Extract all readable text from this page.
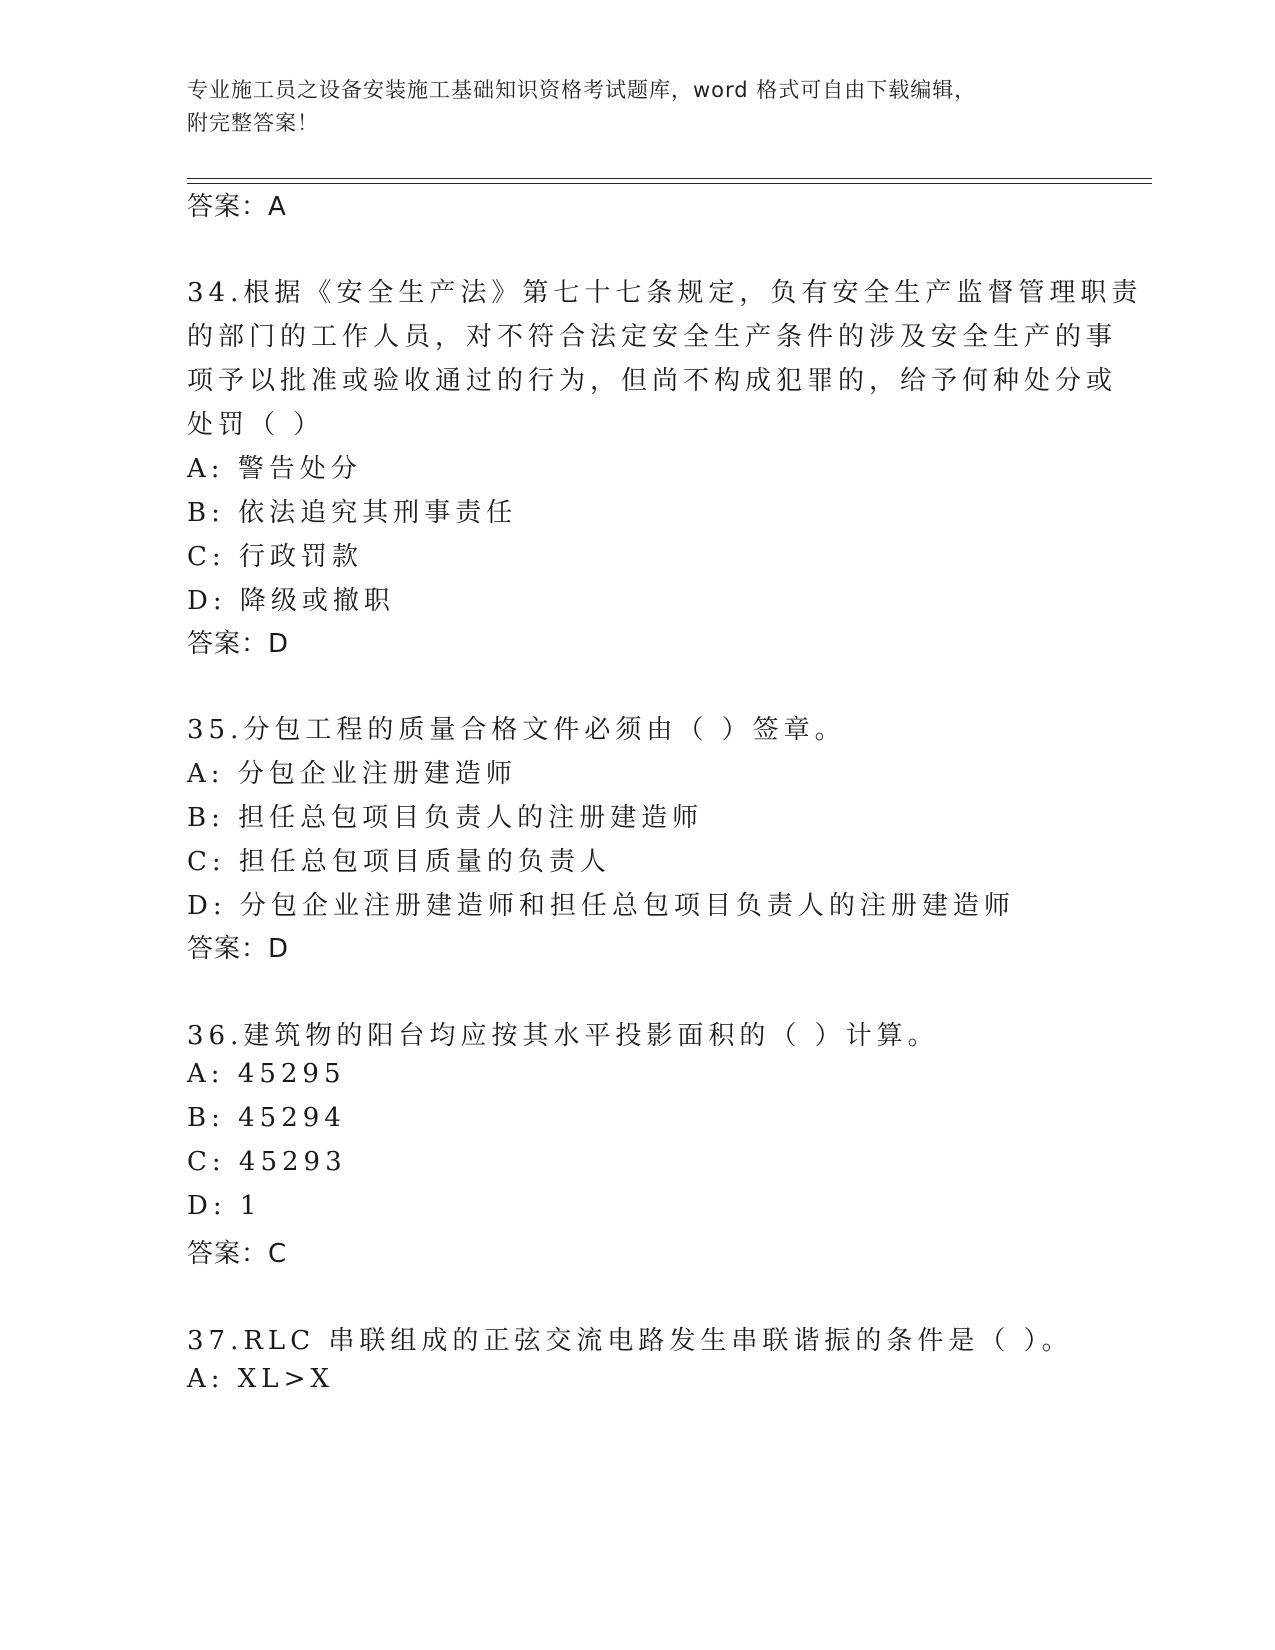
专业施工员之设备安装施工基础知识资格考试题库，word 格式可自由下载编辑，
附完整答案！
答案：A
34.根据《安全生产法》第七十七条规定，负有安全生产监督管理职责
的部门的工作人员，对不符合法定安全生产条件的涉及安全生产的事
项予以批准或验收通过的行为，但尚不构成犯罪的，给予何种处分或
处罚（ ）
A: 警告处分
B: 依法追究其刑事责任
C: 行政罚款
D: 降级或撤职
答案：D
35.分包工程的质量合格文件必须由（ ）签章。
A: 分包企业注册建造师
B: 担任总包项目负责人的注册建造师
C: 担任总包项目质量的负责人
D: 分包企业注册建造师和担任总包项目负责人的注册建造师
答案：D
36.建筑物的阳台均应按其水平投影面积的（ ）计算。
A: 45295
B: 45294
C: 45293
D: 1
答案：C
37.RLC 串联组成的正弦交流电路发生串联谐振的条件是（ ）。
A: XL>X
